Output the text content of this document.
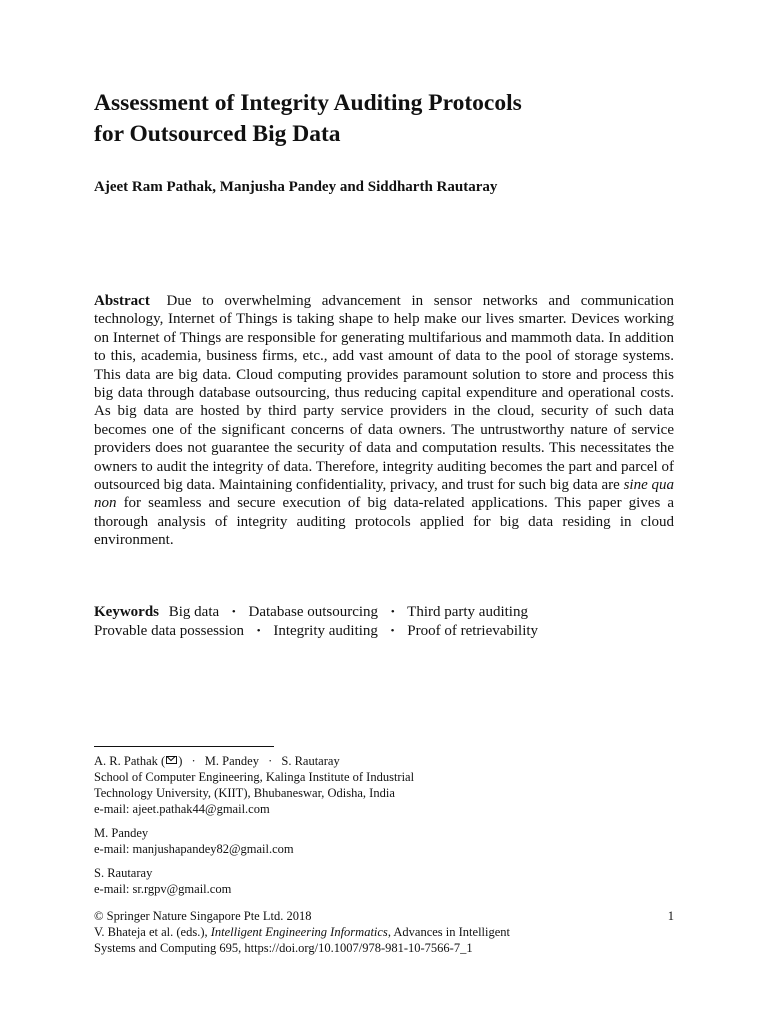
Assessment of Integrity Auditing Protocols
for Outsourced Big Data
Ajeet Ram Pathak, Manjusha Pandey and Siddharth Rautaray
Abstract Due to overwhelming advancement in sensor networks and communication technology, Internet of Things is taking shape to help make our lives smarter. Devices working on Internet of Things are responsible for generating multifarious and mammoth data. In addition to this, academia, business firms, etc., add vast amount of data to the pool of storage systems. This data are big data. Cloud computing provides paramount solution to store and process this big data through database outsourcing, thus reducing capital expenditure and operational costs. As big data are hosted by third party service providers in the cloud, security of such data becomes one of the significant concerns of data owners. The untrustworthy nature of service providers does not guarantee the security of data and computation results. This necessitates the owners to audit the integrity of data. Therefore, integrity auditing becomes the part and parcel of outsourced big data. Maintaining confidentiality, privacy, and trust for such big data are sine qua non for seamless and secure execution of big data-related applications. This paper gives a thorough analysis of integrity auditing protocols applied for big data residing in cloud environment.
Keywords Big data • Database outsourcing • Third party auditing
Provable data possession • Integrity auditing • Proof of retrievability
A. R. Pathak ( ) · M. Pandey · S. Rautaray
School of Computer Engineering, Kalinga Institute of Industrial
Technology University, (KIIT), Bhubaneswar, Odisha, India
e-mail: ajeet.pathak44@gmail.com
M. Pandey
e-mail: manjushapandey82@gmail.com
S. Rautaray
e-mail: sr.rgpv@gmail.com
© Springer Nature Singapore Pte Ltd. 2018
V. Bhateja et al. (eds.), Intelligent Engineering Informatics, Advances in Intelligent
Systems and Computing 695, https://doi.org/10.1007/978-981-10-7566-7_1
1
